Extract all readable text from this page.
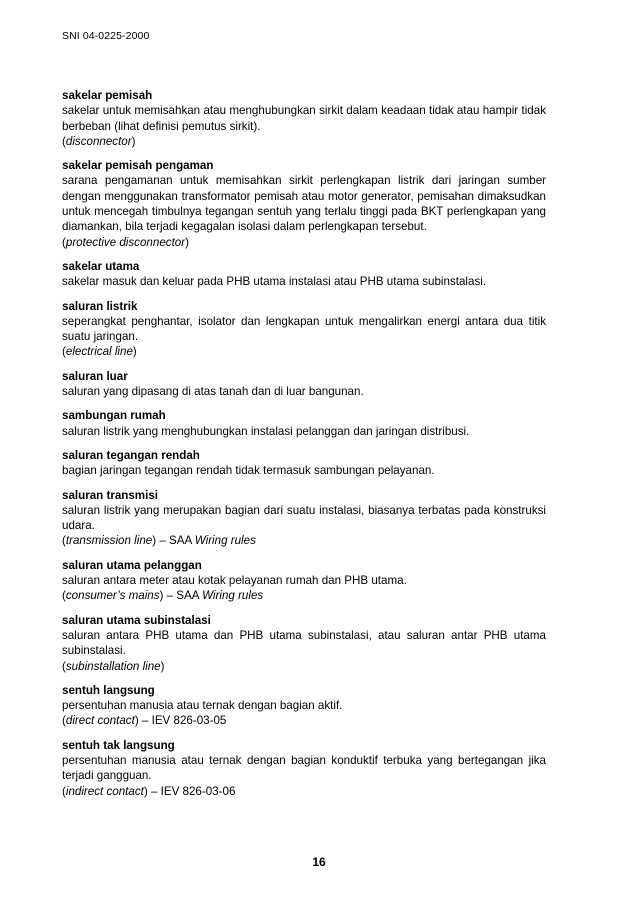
SNI 04-0225-2000

sakelar pemisah

sakelar untuk memisahkan atau menghubungkan sirkit dalam keadaan tidak atau hampir tidak berbeban (lihat definisi pemutus sirkit).

(disconnector)

sakelar pemisah pengaman

sarana pengamanan untuk memisahkan sirkit perlengkapan listrik dari jaringan sumber dengan menggunakan transformator pemisah atau motor generator, pemisahan dimaksudkan untuk mencegah timbulnya tegangan sentuh yang terlalu tinggi pada BKT perlengkapan yang diamankan, bila terjadi kegagalan isolasi dalam perlengkapan tersebut.

(protective disconnector)

sakelar utama

sakelar masuk dan keluar pada PHB utama instalasi atau PHB utama subinstalasi.

saluran listrik

seperangkat penghantar, isolator dan lengkapan untuk mengalirkan energi antara dua titik suatu jaringan.

(electrical line)

saluran luar

saluran yang dipasang di atas tanah dan di luar bangunan.

sambungan rumah

saluran listrik yang menghubungkan instalasi pelanggan dan jaringan distribusi.

saluran tegangan rendah

bagian jaringan tegangan rendah tidak termasuk sambungan pelayanan.

saluran transmisi

saluran listrik yang merupakan bagian dari suatu instalasi, biasanya terbatas pada konstruksi udara.

(transmission line) – SAA Wiring rules

saluran utama pelanggan

saluran antara meter atau kotak pelayanan rumah dan PHB utama.

(consumer’s mains) – SAA Wiring rules

saluran utama subinstalasi

saluran antara PHB utama dan PHB utama subinstalasi, atau saluran antar PHB utama subinstalasi.

(subinstallation line)

sentuh langsung

persentuhan manusia atau ternak dengan bagian aktif.

(direct contact) – IEV 826-03-05

sentuh tak langsung

persentuhan manusia atau ternak dengan bagian konduktif terbuka yang bertegangan jika terjadi gangguan.

(indirect contact) – IEV 826-03-06

16
